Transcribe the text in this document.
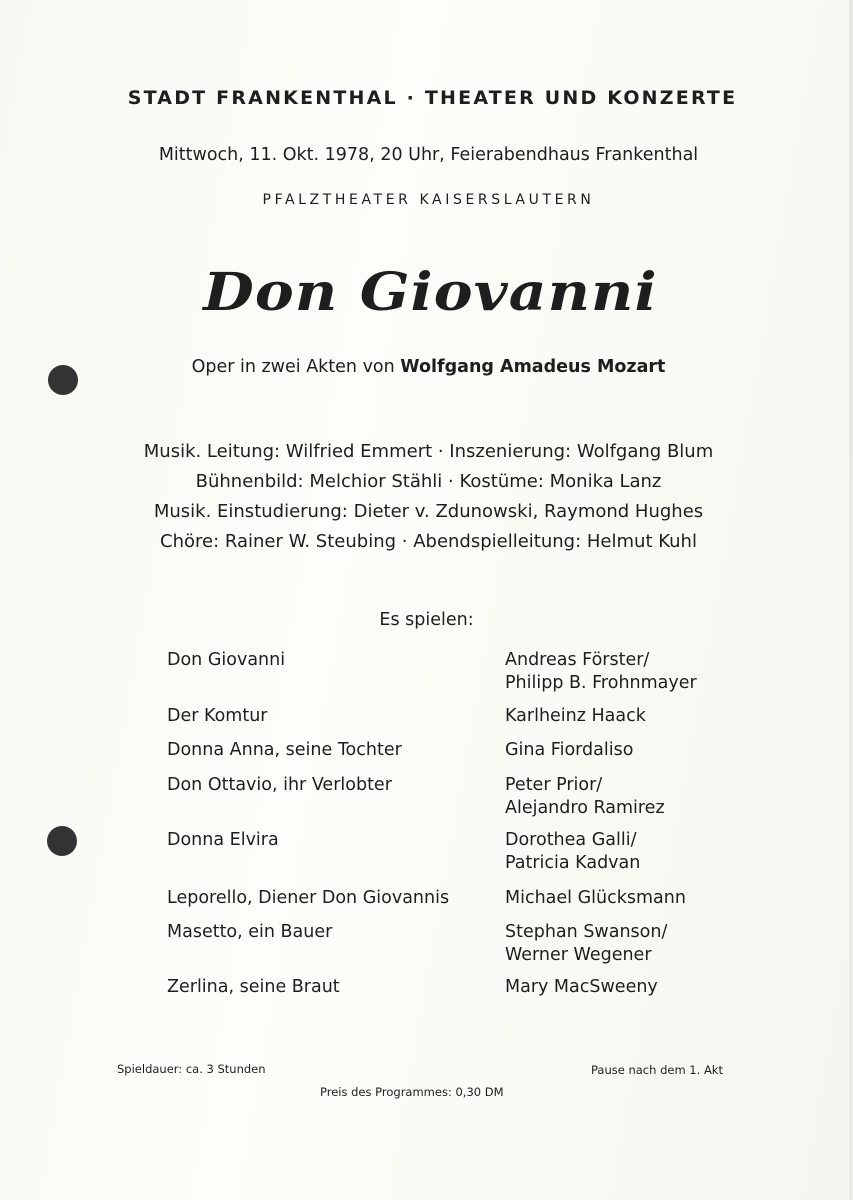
STADT FRANKENTHAL · THEATER UND KONZERTE
Mittwoch, 11. Okt. 1978, 20 Uhr, Feierabendhaus Frankenthal
PFALZTHEATER KAISERSLAUTERN
Don Giovanni
Oper in zwei Akten von Wolfgang Amadeus Mozart
Musik. Leitung: Wilfried Emmert · Inszenierung: Wolfgang Blum
Bühnenbild: Melchior Stähli · Kostüme: Monika Lanz
Musik. Einstudierung: Dieter v. Zdunowski, Raymond Hughes
Chöre: Rainer W. Steubing · Abendspielleitung: Helmut Kuhl
Es spielen:
Don Giovanni	Andreas Förster/
Philipp B. Frohnmayer
Der Komtur	Karlheinz Haack
Donna Anna, seine Tochter	Gina Fiordaliso
Don Ottavio, ihr Verlobter	Peter Prior/
Alejandro Ramirez
Donna Elvira	Dorothea Galli/
Patricia Kadvan
Leporello, Diener Don Giovannis	Michael Glücksmann
Masetto, ein Bauer	Stephan Swanson/
Werner Wegener
Zerlina, seine Braut	Mary MacSweeny
Spieldauer: ca. 3 Stunden	Pause nach dem 1. Akt
Preis des Programmes: 0,30 DM
